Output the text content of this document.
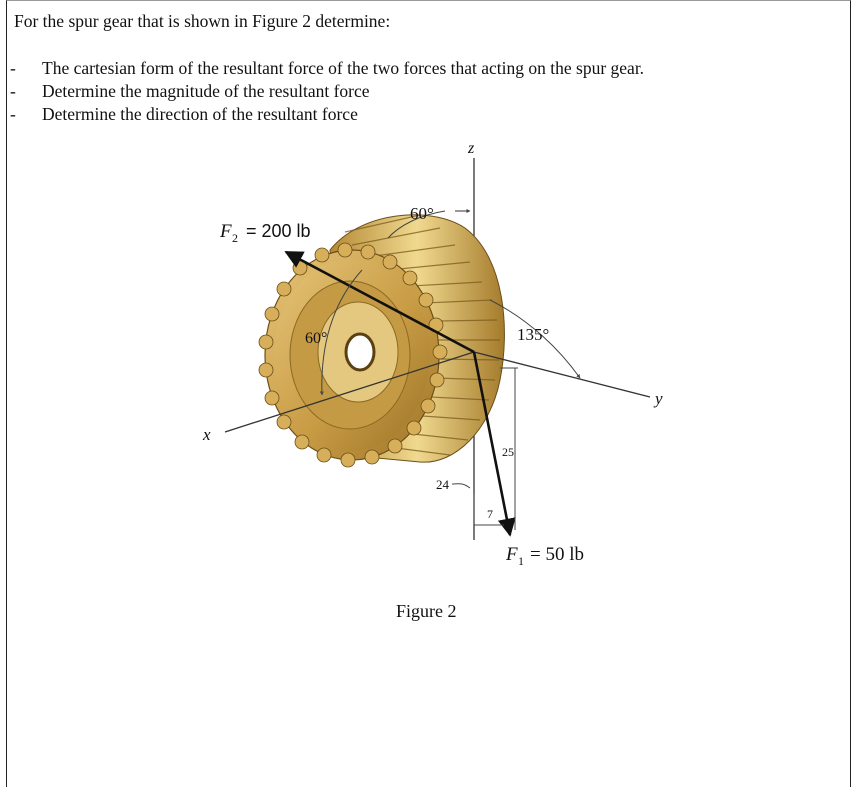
For the spur gear that is shown in Figure 2 determine:
- The cartesian form of the resultant force of the two forces that acting on the spur gear.
- Determine the magnitude of the resultant force
- Determine the direction of the resultant force
x
y
z
F 2 = 200 lb
60°
60°	135°
25
24
7
F 1 = 50 lb
Figure 2
